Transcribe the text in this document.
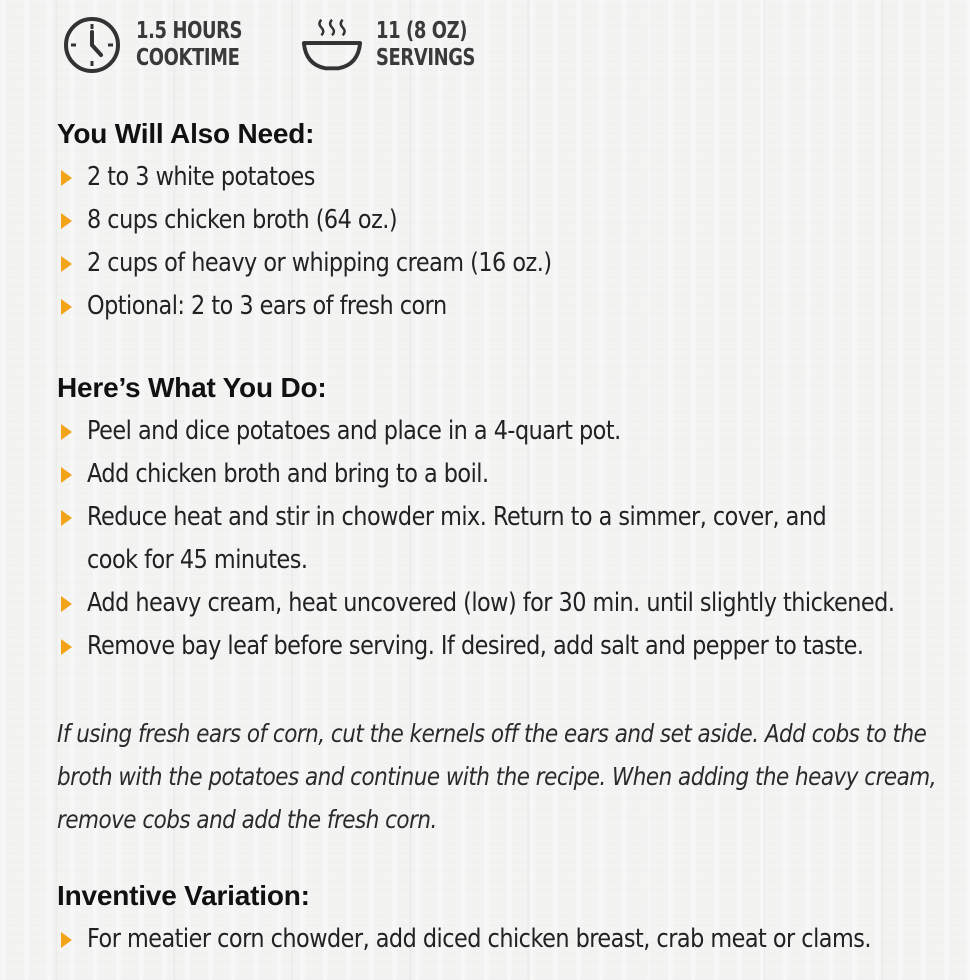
1.5 HOURS
COOKTIME
11 (8 OZ)
SERVINGS
You Will Also Need:
2 to 3 white potatoes
8 cups chicken broth (64 oz.)
2 cups of heavy or whipping cream (16 oz.)
Optional: 2 to 3 ears of fresh corn
Here’s What You Do:
Peel and dice potatoes and place in a 4-quart pot.
Add chicken broth and bring to a boil.
Reduce heat and stir in chowder mix. Return to a simmer, cover, and cook for 45 minutes.
Add heavy cream, heat uncovered (low) for 30 min. until slightly thickened.
Remove bay leaf before serving. If desired, add salt and pepper to taste.
If using fresh ears of corn, cut the kernels off the ears and set aside. Add cobs to the broth with the potatoes and continue with the recipe. When adding the heavy cream, remove cobs and add the fresh corn.
Inventive Variation:
For meatier corn chowder, add diced chicken breast, crab meat or clams.
